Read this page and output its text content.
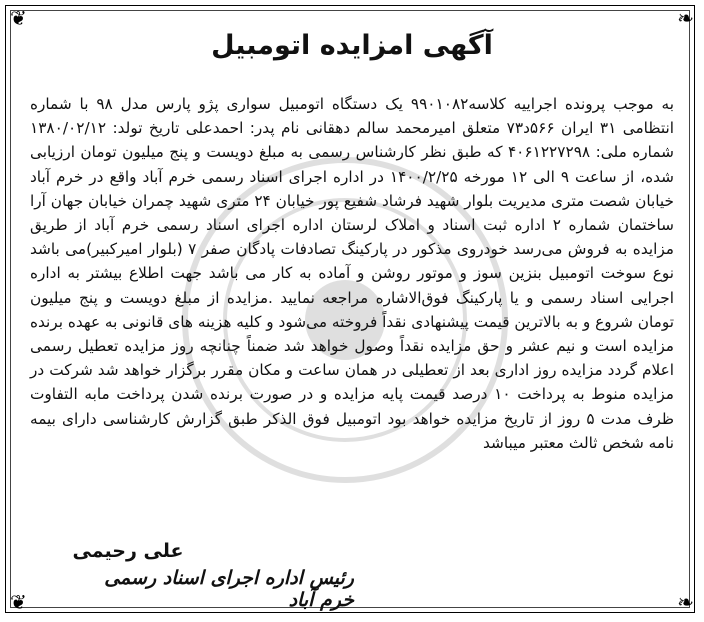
❦	❧
❦	❧
آگهی امزایده اتومبیل
به موجب پرونده اجراییه کلاسه۹۹۰۱۰۸۲ یک دستگاه اتومبیل سواری پژو پارس مدل ۹۸ با شماره انتظامی ۳۱ ایران ۵۶۶د۷۳ متعلق امیرمحمد سالم دهقانی نام پدر: احمدعلی تاریخ تولد: ۱۳۸۰/۰۲/۱۲ شماره ملی: ۴۰۶۱۲۲۷۲۹۸ که طبق نظر کارشناس رسمی به مبلغ دویست و پنج میلیون تومان ارزیابی شده، از ساعت ۹ الی ۱۲ مورخه ۱۴۰۰/۲/۲۵ در اداره اجرای اسناد رسمی خرم آباد واقع در خرم آباد خیابان شصت متری مدیریت بلوار شهید فرشاد شفیع پور خیابان ۲۴ متری شهید چمران خیابان جهان آرا ساختمان شماره ۲ اداره ثبت اسناد و املاک لرستان اداره اجرای اسناد رسمی خرم آباد از طریق مزایده به فروش می‌رسد خودروی مذکور در پارکینگ تصادفات پادگان صفر ۷ (بلوار امیرکبیر)می باشد نوع سوخت اتومبیل بنزین سوز و موتور روشن و آماده به کار می باشد جهت اطلاع بیشتر به اداره اجرایی اسناد رسمی و یا پارکینگ فوق‌الاشاره مراجعه نمایید .مزایده از مبلغ دویست و پنج میلیون تومان شروع و به بالاترین قیمت پیشنهادی نقداً فروخته می‌شود و کلیه هزینه های قانونی به عهده برنده مزایده است و نیم عشر و حق مزایده نقداً وصول خواهد شد ضمناً چنانچه روز مزایده تعطیل رسمی اعلام گردد مزایده روز اداری بعد از تعطیلی در همان ساعت و مکان مقرر برگزار خواهد شد شرکت در مزایده منوط به پرداخت ۱۰ درصد قیمت پایه مزایده و در صورت برنده شدن پرداخت مابه التفاوت ظرف مدت ۵ روز از تاریخ مزایده خواهد بود اتومبیل فوق الذکر طبق گزارش کارشناسی دارای بیمه نامه شخص ثالث معتبر میباشد
علی رحیمی
رئیس اداره اجرای اسناد رسمی خرم آباد
